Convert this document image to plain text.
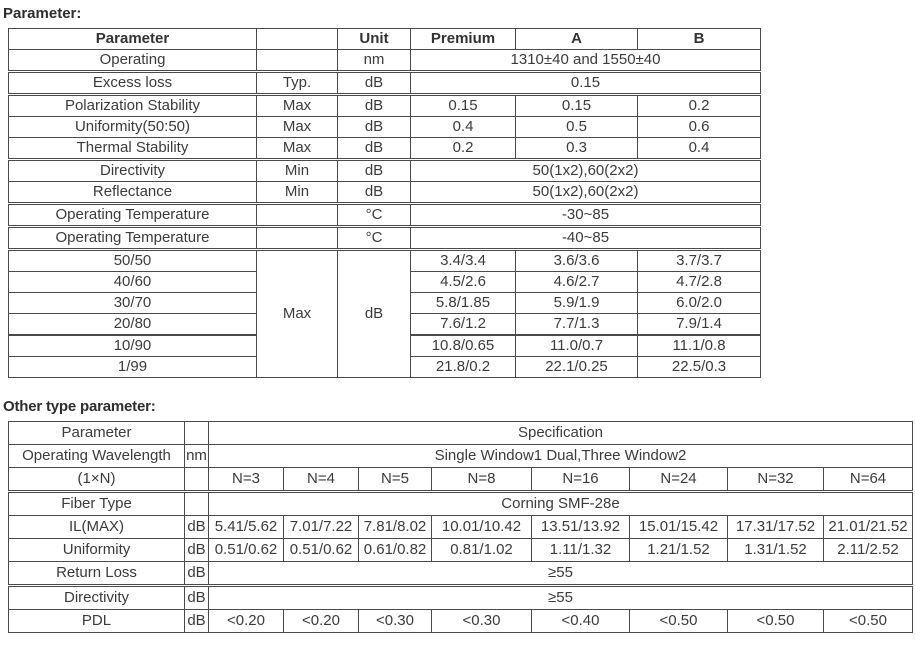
Parameter:
Parameter		Unit	Premium	A	B
Operating		nm	1310±40 and 1550±40		
Excess loss	Typ.	dB	0.15
Polarization Stability	Max	dB	0.15	0.15	0.2
Uniformity(50:50)	Max	dB	0.4	0.5	0.6
Thermal Stability	Max	dB	0.2	0.3	0.4
Directivity	Min	dB	50(1x2),60(2x2)
Reflectance	Min	dB	50(1x2),60(2x2)
Operating Temperature		°C	-30~85
Operating Temperature		°C	-40~85
50/50	Max	dB	3.4/3.4	3.6/3.6	3.7/3.7
40/60			4.5/2.6	4.6/2.7	4.7/2.8
30/70			5.8/1.85	5.9/1.9	6.0/2.0
20/80			7.6/1.2	7.7/1.3	7.9/1.4
10/90			10.8/0.65	11.0/0.7	11.1/0.8
1/99			21.8/0.2	22.1/0.25	22.5/0.3
Other type parameter:
Parameter		Specification							
Operating Wavelength	nm	Single Window1 Dual,Three Window2							
(1×N)		N=3	N=4	N=5	N=8	N=16	N=24	N=32	N=64
Fiber Type		Corning SMF-28e							
IL(MAX)	dB	5.41/5.62	7.01/7.22	7.81/8.02	10.01/10.42	13.51/13.92	15.01/15.42	17.31/17.52	21.01/21.52
Uniformity	dB	0.51/0.62	0.51/0.62	0.61/0.82	0.81/1.02	1.11/1.32	1.21/1.52	1.31/1.52	2.11/2.52
Return Loss	dB	≥55							
Directivity	dB	≥55							
PDL	dB	<0.20	<0.20	<0.30	<0.30	<0.40	<0.50	<0.50	<0.50
